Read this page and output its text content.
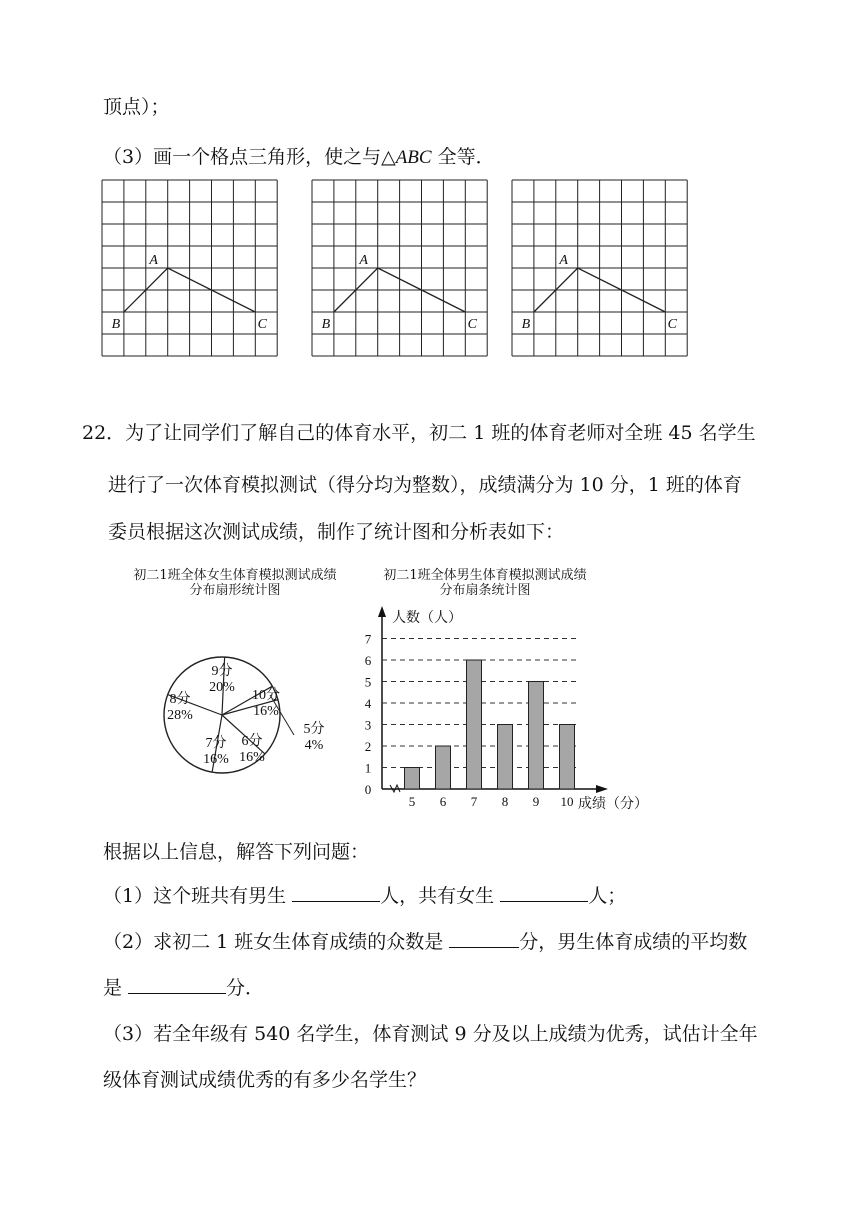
顶点）；
（3）画一个格点三角形，使之与△ABC 全等．
A
B	C
A
B	C
A
B	C
22．为了让同学们了解自己的体育水平，初二 1 班的体育老师对全班 45 名学生
进行了一次体育模拟测试（得分均为整数），成绩满分为 10 分，1 班的体育
委员根据这次测试成绩，制作了统计图和分析表如下：
初二1班全体女生体育模拟测试成绩
分布扇形统计图
初二1班全体男生体育模拟测试成绩
分布扇条统计图
9分
20%
10分
16%
5分
4%
6分
16%
7分
16%
8分
28%
0
1
2
3
4
5
6
7
5 6 7 8 9 10
人数（人）
成绩（分）
根据以上信息，解答下列问题：
（1）这个班共有男生	人，共有女生	人；
（2）求初二 1 班女生体育成绩的众数是	分，男生体育成绩的平均数
是	分．
（3）若全年级有 540 名学生，体育测试 9 分及以上成绩为优秀，试估计全年
级体育测试成绩优秀的有多少名学生？
